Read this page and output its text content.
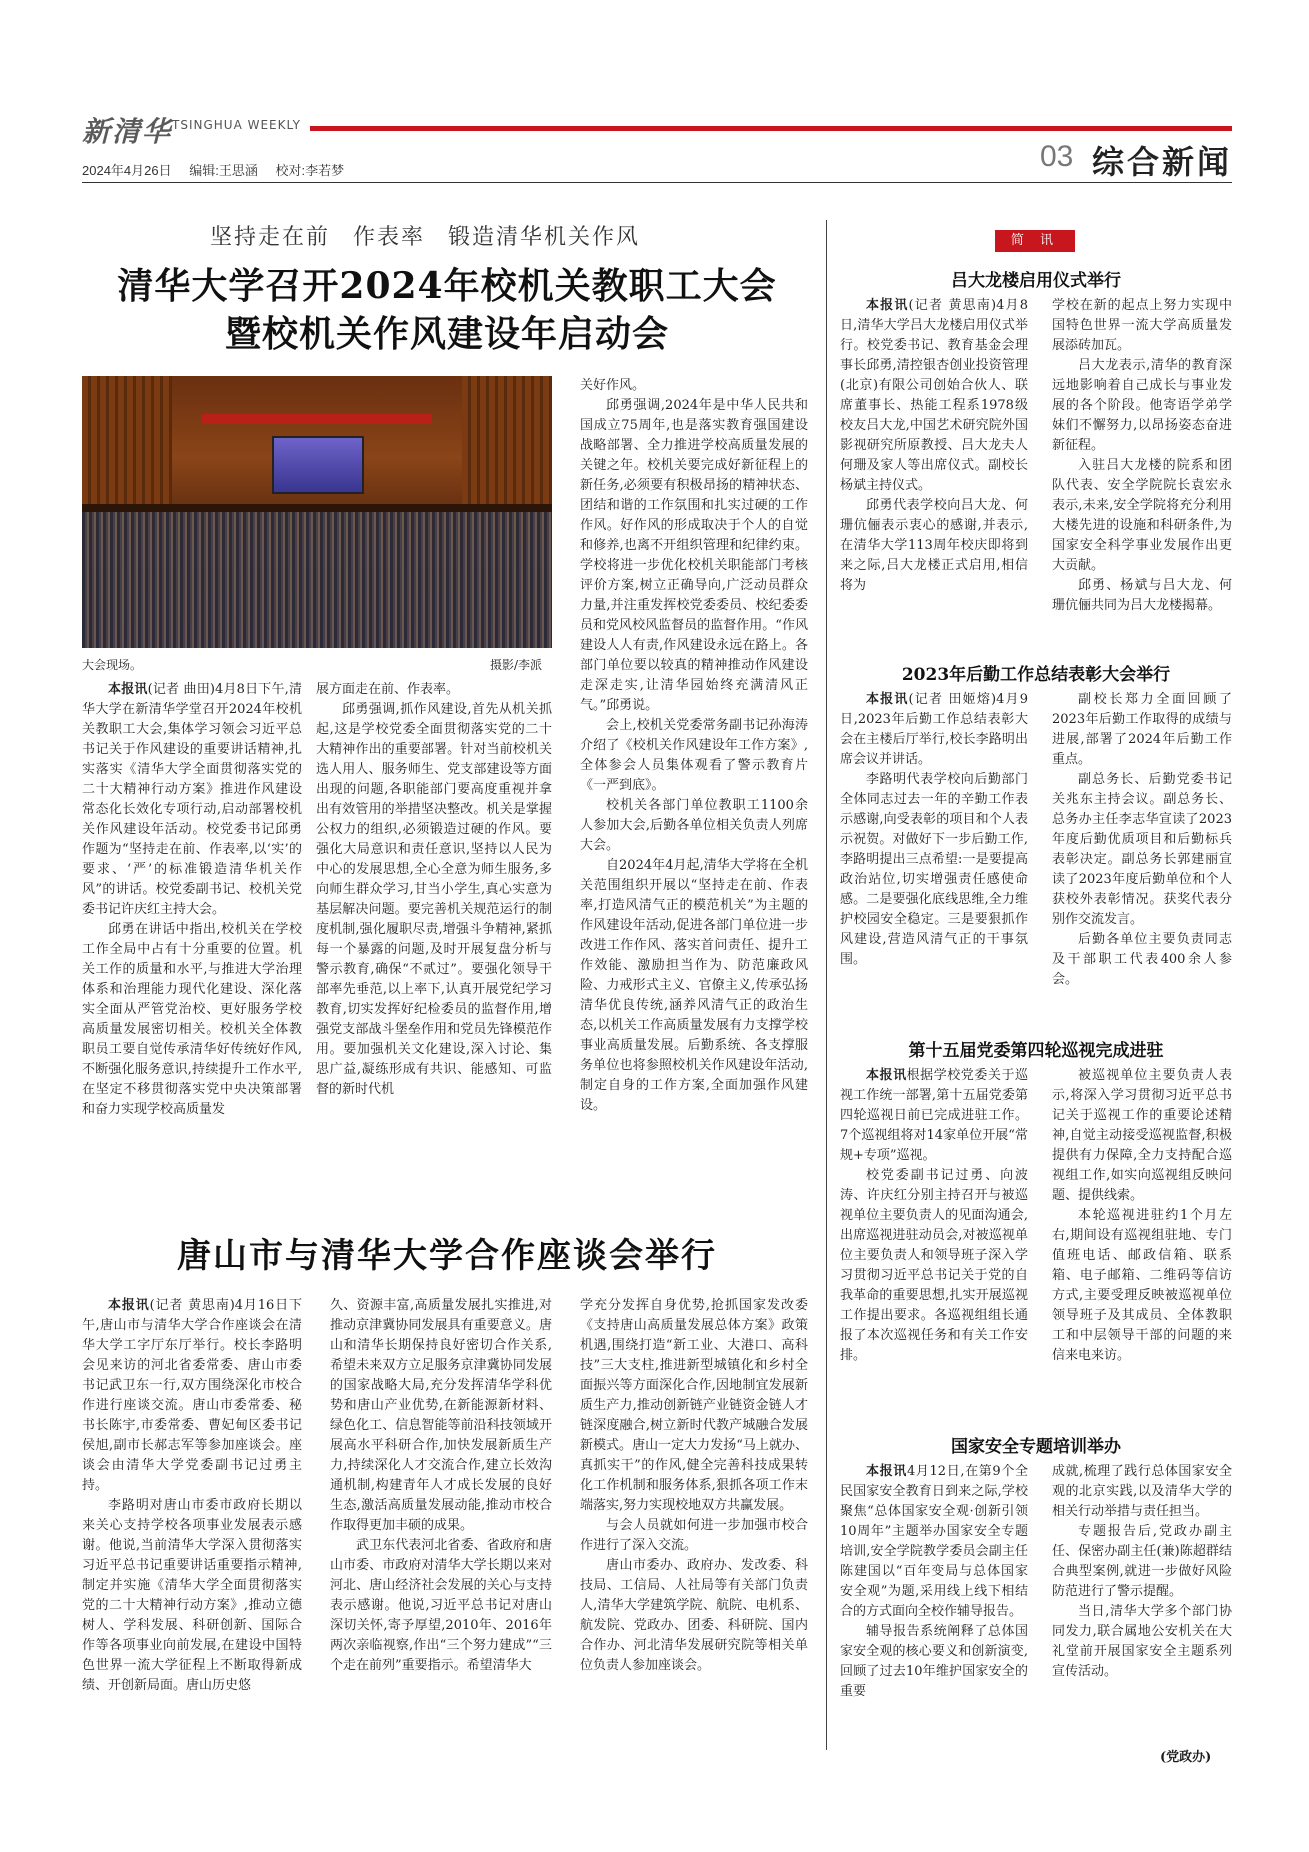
新清华 TSINGHUA WEEKLY
2024年4月26日 编辑:王思涵 校对:李若梦	03 综合新闻
坚持走在前 作表率 锻造清华机关作风
清华大学召开2024年校机关教职工大会
暨校机关作风建设年启动会
大会现场。	摄影/李派

本报讯(记者 曲田)4月8日下午,清华大学在新清华学堂召开2024年校机关教职工大会,集体学习领会习近平总书记关于作风建设的重要讲话精神,扎实落实《清华大学全面贯彻落实党的二十大精神行动方案》推进作风建设常态化长效化专项行动,启动部署校机关作风建设年活动。校党委书记邱勇作题为“坚持走在前、作表率,以‘实’的要求、‘严’的标准锻造清华机关作风”的讲话。校党委副书记、校机关党委书记许庆红主持大会。

邱勇在讲话中指出,校机关在学校工作全局中占有十分重要的位置。机关工作的质量和水平,与推进大学治理体系和治理能力现代化建设、深化落实全面从严管党治校、更好服务学校高质量发展密切相关。校机关全体教职员工要自觉传承清华好传统好作风,不断强化服务意识,持续提升工作水平,在坚定不移贯彻落实党中央决策部署和奋力实现学校高质量发

展方面走在前、作表率。

邱勇强调,抓作风建设,首先从机关抓起,这是学校党委全面贯彻落实党的二十大精神作出的重要部署。针对当前校机关选人用人、服务师生、党支部建设等方面出现的问题,各职能部门要高度重视并拿出有效管用的举措坚决整改。机关是掌握公权力的组织,必须锻造过硬的作风。要强化大局意识和责任意识,坚持以人民为中心的发展思想,全心全意为师生服务,多向师生群众学习,甘当小学生,真心实意为基层解决问题。要完善机关规范运行的制度机制,强化履职尽责,增强斗争精神,紧抓每一个暴露的问题,及时开展复盘分析与警示教育,确保“不贰过”。要强化领导干部率先垂范,以上率下,认真开展党纪学习教育,切实发挥好纪检委员的监督作用,增强党支部战斗堡垒作用和党员先锋模范作用。要加强机关文化建设,深入讨论、集思广益,凝练形成有共识、能感知、可监督的新时代机

关好作风。

邱勇强调,2024年是中华人民共和国成立75周年,也是落实教育强国建设战略部署、全力推进学校高质量发展的关键之年。校机关要完成好新征程上的新任务,必须要有积极昂扬的精神状态、团结和谐的工作氛围和扎实过硬的工作作风。好作风的形成取决于个人的自觉和修养,也离不开组织管理和纪律约束。学校将进一步优化校机关职能部门考核评价方案,树立正确导向,广泛动员群众力量,并注重发挥校党委委员、校纪委委员和党风校风监督员的监督作用。“作风建设人人有责,作风建设永远在路上。各部门单位要以较真的精神推动作风建设走深走实,让清华园始终充满清风正气。”邱勇说。

会上,校机关党委常务副书记孙海涛介绍了《校机关作风建设年工作方案》,全体参会人员集体观看了警示教育片《一严到底》。

校机关各部门单位教职工1100余人参加大会,后勤各单位相关负责人列席大会。

自2024年4月起,清华大学将在全机关范围组织开展以“坚持走在前、作表率,打造风清气正的模范机关”为主题的作风建设年活动,促进各部门单位进一步改进工作作风、落实首问责任、提升工作效能、激励担当作为、防范廉政风险、力戒形式主义、官僚主义,传承弘扬清华优良传统,涵养风清气正的政治生态,以机关工作高质量发展有力支撑学校事业高质量发展。后勤系统、各支撑服务单位也将参照校机关作风建设年活动,制定自身的工作方案,全面加强作风建设。

唐山市与清华大学合作座谈会举行

本报讯(记者 黄思南)4月16日下午,唐山市与清华大学合作座谈会在清华大学工字厅东厅举行。校长李路明会见来访的河北省委常委、唐山市委书记武卫东一行,双方围绕深化市校合作进行座谈交流。唐山市委常委、秘书长陈宇,市委常委、曹妃甸区委书记侯旭,副市长郝志军等参加座谈会。座谈会由清华大学党委副书记过勇主持。

李路明对唐山市委市政府长期以来关心支持学校各项事业发展表示感谢。他说,当前清华大学深入贯彻落实习近平总书记重要讲话重要指示精神,制定并实施《清华大学全面贯彻落实党的二十大精神行动方案》,推动立德树人、学科发展、科研创新、国际合作等各项事业向前发展,在建设中国特色世界一流大学征程上不断取得新成绩、开创新局面。唐山历史悠

久、资源丰富,高质量发展扎实推进,对推动京津冀协同发展具有重要意义。唐山和清华长期保持良好密切合作关系,希望未来双方立足服务京津冀协同发展的国家战略大局,充分发挥清华学科优势和唐山产业优势,在新能源新材料、绿色化工、信息智能等前沿科技领域开展高水平科研合作,加快发展新质生产力,持续深化人才交流合作,建立长效沟通机制,构建青年人才成长发展的良好生态,激活高质量发展动能,推动市校合作取得更加丰硕的成果。

武卫东代表河北省委、省政府和唐山市委、市政府对清华大学长期以来对河北、唐山经济社会发展的关心与支持表示感谢。他说,习近平总书记对唐山深切关怀,寄予厚望,2010年、2016年两次亲临视察,作出“三个努力建成”“三个走在前列”重要指示。希望清华大

学充分发挥自身优势,抢抓国家发改委《支持唐山高质量发展总体方案》政策机遇,围绕打造“新工业、大港口、高科技”三大支柱,推进新型城镇化和乡村全面振兴等方面深化合作,因地制宜发展新质生产力,推动创新链产业链资金链人才链深度融合,树立新时代教产城融合发展新模式。唐山一定大力发扬“马上就办、真抓实干”的作风,健全完善科技成果转化工作机制和服务体系,狠抓各项工作末端落实,努力实现校地双方共赢发展。

与会人员就如何进一步加强市校合作进行了深入交流。

唐山市委办、政府办、发改委、科技局、工信局、人社局等有关部门负责人,清华大学建筑学院、航院、电机系、航发院、党政办、团委、科研院、国内合作办、河北清华发展研究院等相关单位负责人参加座谈会。

简 讯
吕大龙楼启用仪式举行

本报讯(记者 黄思南)4月8日,清华大学吕大龙楼启用仪式举行。校党委书记、教育基金会理事长邱勇,清控银杏创业投资管理(北京)有限公司创始合伙人、联席董事长、热能工程系1978级校友吕大龙,中国艺术研究院外国影视研究所原教授、吕大龙夫人何珊及家人等出席仪式。副校长杨斌主持仪式。

邱勇代表学校向吕大龙、何珊伉俪表示衷心的感谢,并表示,在清华大学113周年校庆即将到来之际,吕大龙楼正式启用,相信将为

学校在新的起点上努力实现中国特色世界一流大学高质量发展添砖加瓦。

吕大龙表示,清华的教育深远地影响着自己成长与事业发展的各个阶段。他寄语学弟学妹们不懈努力,以昂扬姿态奋进新征程。

入驻吕大龙楼的院系和团队代表、安全学院院长袁宏永表示,未来,安全学院将充分利用大楼先进的设施和科研条件,为国家安全科学事业发展作出更大贡献。

邱勇、杨斌与吕大龙、何珊伉俪共同为吕大龙楼揭幕。

2023年后勤工作总结表彰大会举行

本报讯(记者 田姬熔)4月9日,2023年后勤工作总结表彰大会在主楼后厅举行,校长李路明出席会议并讲话。

李路明代表学校向后勤部门全体同志过去一年的辛勤工作表示感谢,向受表彰的项目和个人表示祝贺。对做好下一步后勤工作,李路明提出三点希望:一是要提高政治站位,切实增强责任感使命感。二是要强化底线思维,全力维护校园安全稳定。三是要狠抓作风建设,营造风清气正的干事氛围。

副校长郑力全面回顾了2023年后勤工作取得的成绩与进展,部署了2024年后勤工作重点。

副总务长、后勤党委书记关兆东主持会议。副总务长、总务办主任李志华宣读了2023年度后勤优质项目和后勤标兵表彰决定。副总务长郭建丽宣读了2023年度后勤单位和个人获校外表彰情况。获奖代表分别作交流发言。

后勤各单位主要负责同志及干部职工代表400余人参会。

第十五届党委第四轮巡视完成进驻

本报讯根据学校党委关于巡视工作统一部署,第十五届党委第四轮巡视日前已完成进驻工作。7个巡视组将对14家单位开展“常规+专项”巡视。

校党委副书记过勇、向波涛、许庆红分别主持召开与被巡视单位主要负责人的见面沟通会,出席巡视进驻动员会,对被巡视单位主要负责人和领导班子深入学习贯彻习近平总书记关于党的自我革命的重要思想,扎实开展巡视工作提出要求。各巡视组组长通报了本次巡视任务和有关工作安排。

被巡视单位主要负责人表示,将深入学习贯彻习近平总书记关于巡视工作的重要论述精神,自觉主动接受巡视监督,积极提供有力保障,全力支持配合巡视组工作,如实向巡视组反映问题、提供线索。

本轮巡视进驻约1个月左右,期间设有巡视组驻地、专门值班电话、邮政信箱、联系箱、电子邮箱、二维码等信访方式,主要受理反映被巡视单位领导班子及其成员、全体教职工和中层领导干部的问题的来信来电来访。

国家安全专题培训举办

本报讯4月12日,在第9个全民国家安全教育日到来之际,学校聚焦“总体国家安全观·创新引领10周年”主题举办国家安全专题培训,安全学院教学委员会副主任陈建国以“百年变局与总体国家安全观”为题,采用线上线下相结合的方式面向全校作辅导报告。

辅导报告系统阐释了总体国家安全观的核心要义和创新演变,回顾了过去10年维护国家安全的重要

成就,梳理了践行总体国家安全观的北京实践,以及清华大学的相关行动举措与责任担当。

专题报告后,党政办副主任、保密办副主任(兼)陈超群结合典型案例,就进一步做好风险防范进行了警示提醒。

当日,清华大学多个部门协同发力,联合属地公安机关在大礼堂前开展国家安全主题系列宣传活动。

(党政办)
